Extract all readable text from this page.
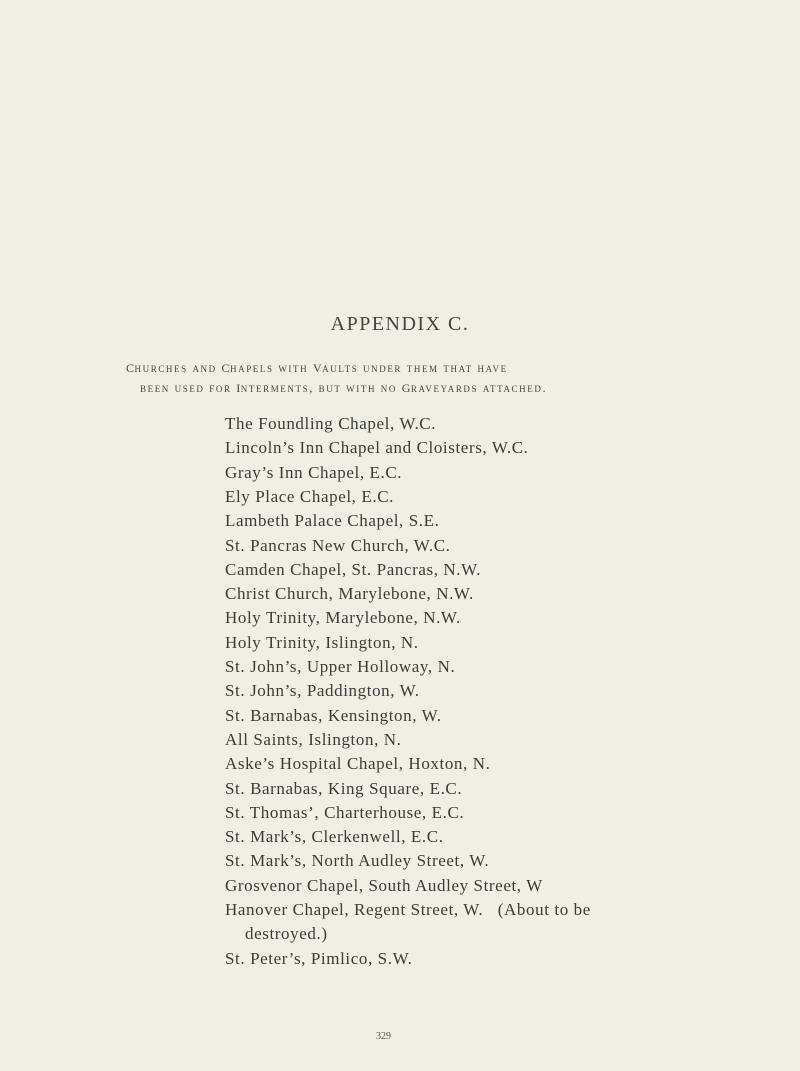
APPENDIX C.
churches and chapels with vaults under them that have
been used for interments, but with no graveyards attached.
The Foundling Chapel, W.C.
Lincoln’s Inn Chapel and Cloisters, W.C.
Gray’s Inn Chapel, E.C.
Ely Place Chapel, E.C.
Lambeth Palace Chapel, S.E.
St. Pancras New Church, W.C.
Camden Chapel, St. Pancras, N.W.
Christ Church, Marylebone, N.W.
Holy Trinity, Marylebone, N.W.
Holy Trinity, Islington, N.
St. John’s, Upper Holloway, N.
St. John’s, Paddington, W.
St. Barnabas, Kensington, W.
All Saints, Islington, N.
Aske’s Hospital Chapel, Hoxton, N.
St. Barnabas, King Square, E.C.
St. Thomas’, Charterhouse, E.C.
St. Mark’s, Clerkenwell, E.C.
St. Mark’s, North Audley Street, W.
Grosvenor Chapel, South Audley Street, W
Hanover Chapel, Regent Street, W.   (About to be
destroyed.)
St. Peter’s, Pimlico, S.W.
329
